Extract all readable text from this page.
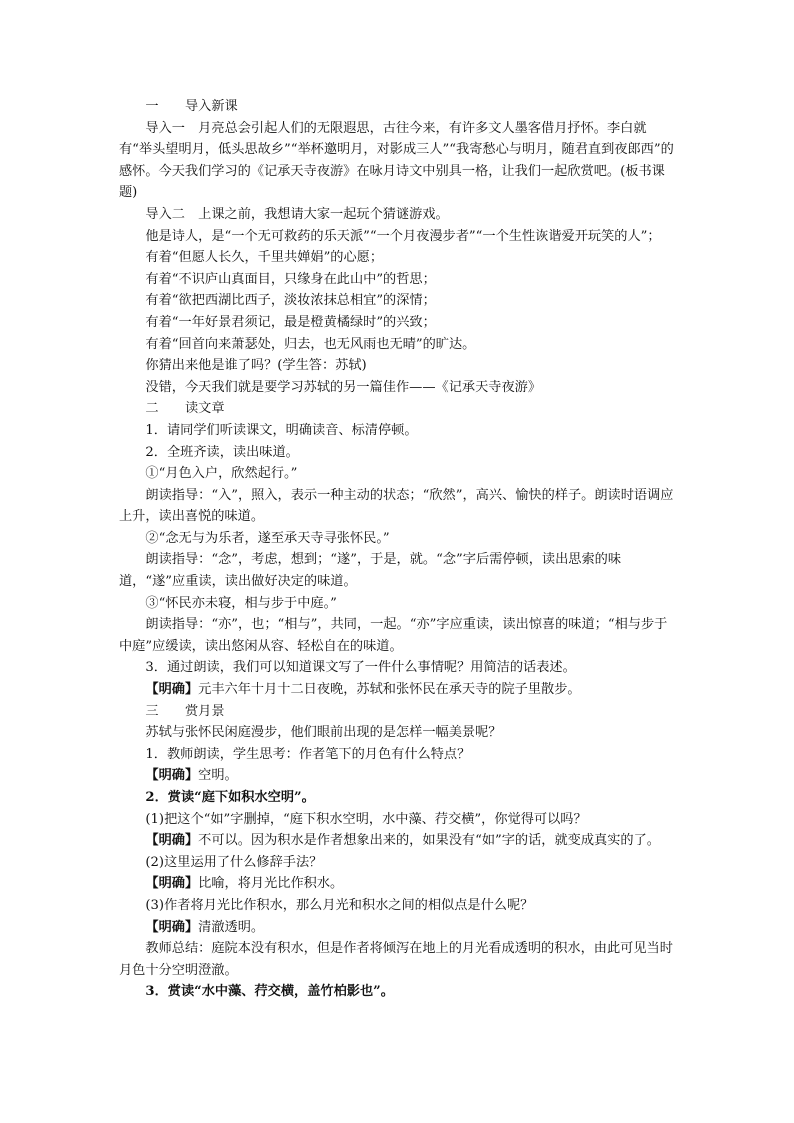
一　　导入新课

导入一　月亮总会引起人们的无限遐思，古往今来，有许多文人墨客借月抒怀。李白就有“举头望明月，低头思故乡”“举杯邀明月，对影成三人”“我寄愁心与明月，随君直到夜郎西”的感怀。今天我们学习的《记承天寺夜游》在咏月诗文中别具一格，让我们一起欣赏吧。(板书课题)

导入二　上课之前，我想请大家一起玩个猜谜游戏。

他是诗人，是“一个无可救药的乐天派”“一个月夜漫步者”“一个生性诙谐爱开玩笑的人”；

有着“但愿人长久，千里共婵娟”的心愿；

有着“不识庐山真面目，只缘身在此山中”的哲思；

有着“欲把西湖比西子，淡妆浓抹总相宜”的深情；

有着“一年好景君须记，最是橙黄橘绿时”的兴致；

有着“回首向来萧瑟处，归去，也无风雨也无晴”的旷达。

你猜出来他是谁了吗？(学生答：苏轼)

没错，今天我们就是要学习苏轼的另一篇佳作——《记承天寺夜游》

二　　读文章

1．请同学们听读课文，明确读音、标清停顿。

2．全班齐读，读出味道。

①“月色入户，欣然起行。”

朗读指导：“入”，照入，表示一种主动的状态；“欣然”，高兴、愉快的样子。朗读时语调应上升，读出喜悦的味道。

②“念无与为乐者，遂至承天寺寻张怀民。”

朗读指导：“念”，考虑，想到；“遂”，于是，就。“念”字后需停顿，读出思索的味道，“遂”应重读，读出做好决定的味道。

③“怀民亦未寝，相与步于中庭。”

朗读指导：“亦”，也；“相与”，共同，一起。“亦”字应重读，读出惊喜的味道；“相与步于中庭”应缓读，读出悠闲从容、轻松自在的味道。

3．通过朗读，我们可以知道课文写了一件什么事情呢？用简洁的话表述。

【明确】元丰六年十月十二日夜晚，苏轼和张怀民在承天寺的院子里散步。

三　　赏月景

苏轼与张怀民闲庭漫步，他们眼前出现的是怎样一幅美景呢？

1．教师朗读，学生思考：作者笔下的月色有什么特点？

【明确】空明。

2．赏读“庭下如积水空明”。

(1)把这个“如”字删掉，“庭下积水空明，水中藻、荇交横”，你觉得可以吗？

【明确】不可以。因为积水是作者想象出来的，如果没有“如”字的话，就变成真实的了。

(2)这里运用了什么修辞手法？

【明确】比喻，将月光比作积水。

(3)作者将月光比作积水，那么月光和积水之间的相似点是什么呢？

【明确】清澈透明。

教师总结：庭院本没有积水，但是作者将倾泻在地上的月光看成透明的积水，由此可见当时月色十分空明澄澈。

3．赏读“水中藻、荇交横，盖竹柏影也”。
